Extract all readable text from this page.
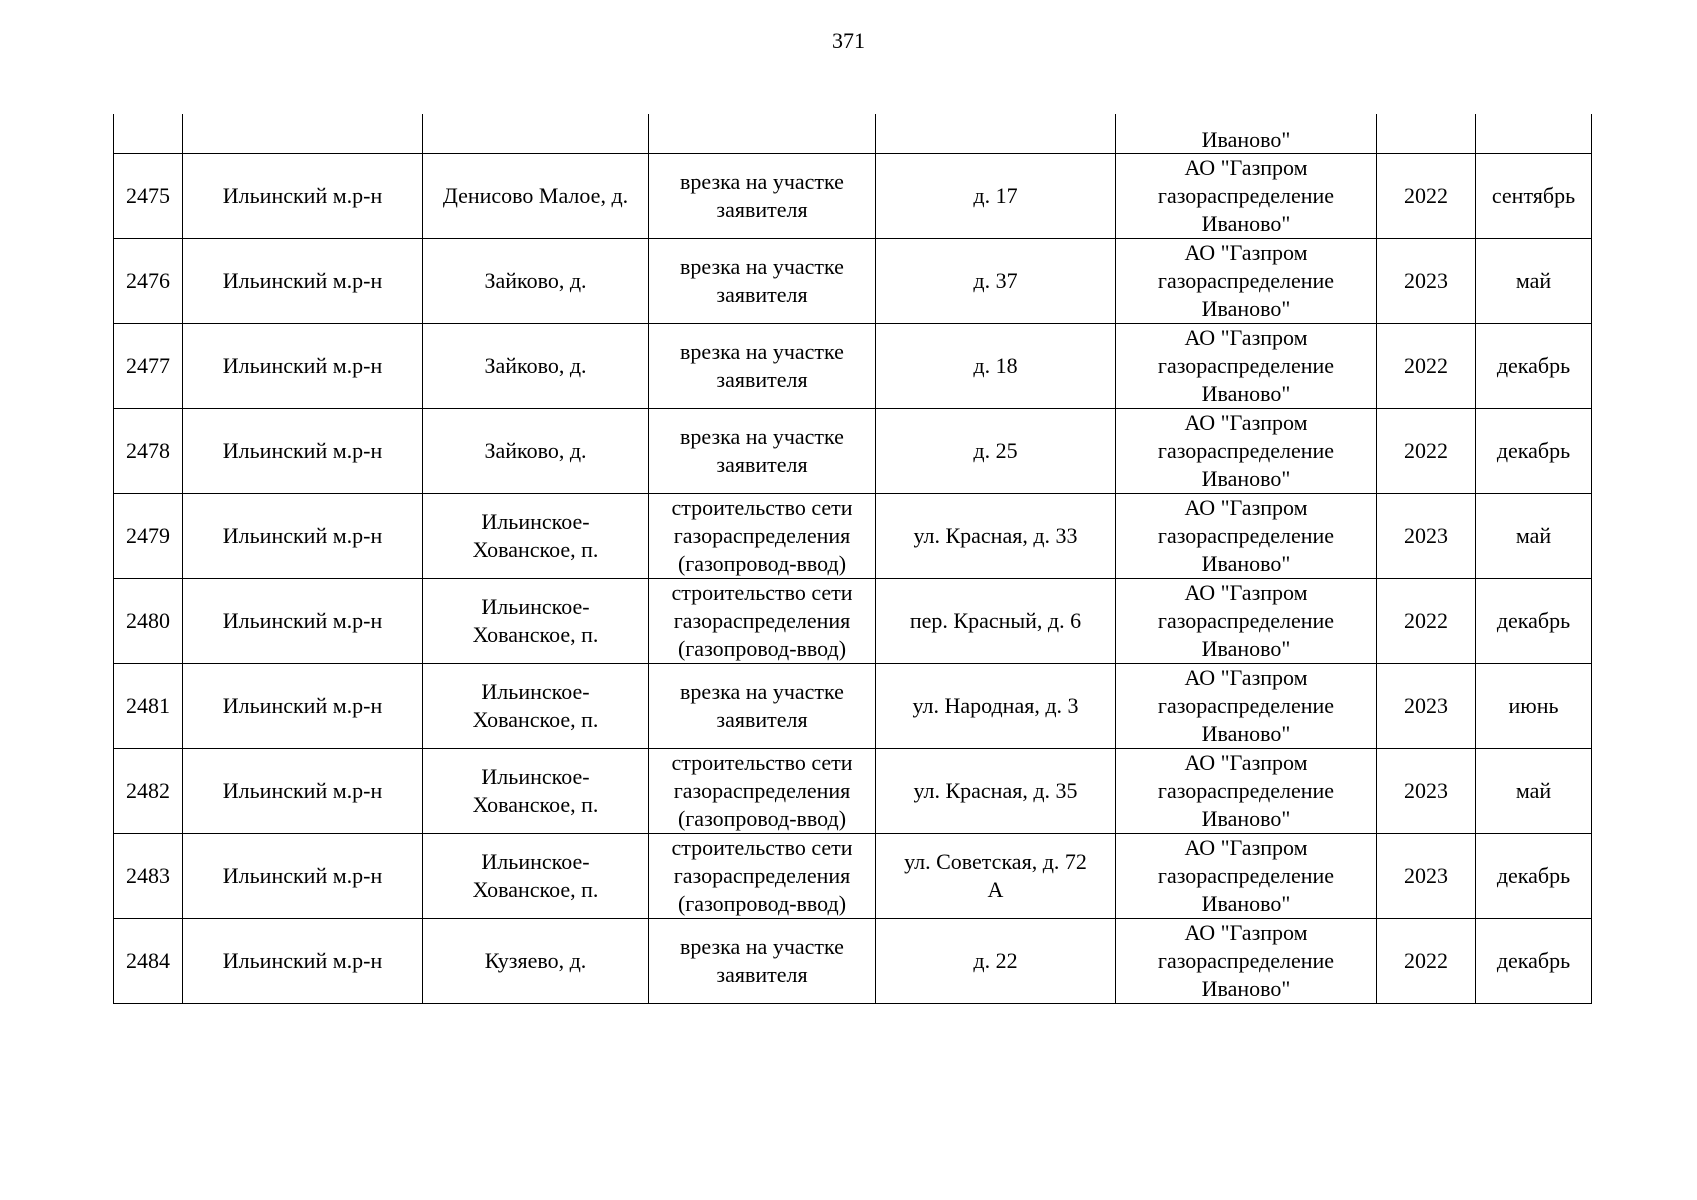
371
					Иваново"		
2475	Ильинский м.р-н	Денисово Малое, д.	врезка на участке
заявителя	д. 17	АО "Газпром
газораспределение
Иваново"	2022	сентябрь
2476	Ильинский м.р-н	Зайково, д.	врезка на участке
заявителя	д. 37	АО "Газпром
газораспределение
Иваново"	2023	май
2477	Ильинский м.р-н	Зайково, д.	врезка на участке
заявителя	д. 18	АО "Газпром
газораспределение
Иваново"	2022	декабрь
2478	Ильинский м.р-н	Зайково, д.	врезка на участке
заявителя	д. 25	АО "Газпром
газораспределение
Иваново"	2022	декабрь
2479	Ильинский м.р-н	Ильинское-
Хованское, п.	строительство сети
газораспределения
(газопровод-ввод)	ул. Красная, д. 33	АО "Газпром
газораспределение
Иваново"	2023	май
2480	Ильинский м.р-н	Ильинское-
Хованское, п.	строительство сети
газораспределения
(газопровод-ввод)	пер. Красный, д. 6	АО "Газпром
газораспределение
Иваново"	2022	декабрь
2481	Ильинский м.р-н	Ильинское-
Хованское, п.	врезка на участке
заявителя	ул. Народная, д. 3	АО "Газпром
газораспределение
Иваново"	2023	июнь
2482	Ильинский м.р-н	Ильинское-
Хованское, п.	строительство сети
газораспределения
(газопровод-ввод)	ул. Красная, д. 35	АО "Газпром
газораспределение
Иваново"	2023	май
2483	Ильинский м.р-н	Ильинское-
Хованское, п.	строительство сети
газораспределения
(газопровод-ввод)	ул. Советская, д. 72
А	АО "Газпром
газораспределение
Иваново"	2023	декабрь
2484	Ильинский м.р-н	Кузяево, д.	врезка на участке
заявителя	д. 22	АО "Газпром
газораспределение
Иваново"	2022	декабрь
